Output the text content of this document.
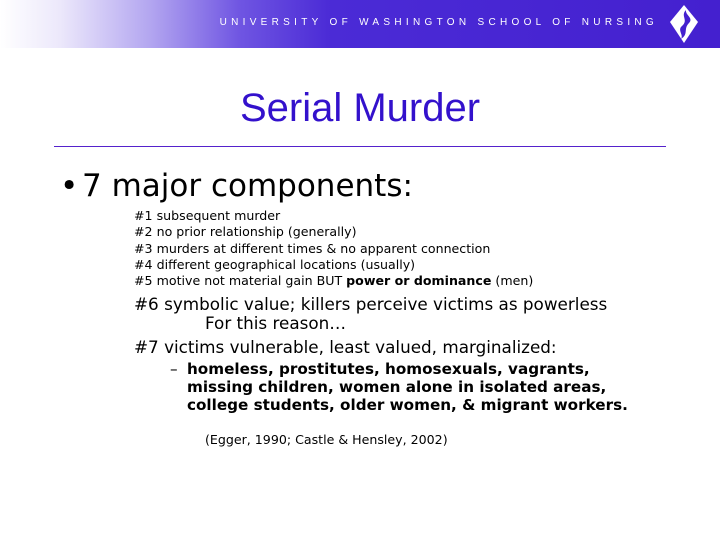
UNIVERSITY OF WASHINGTON SCHOOL OF NURSING
Serial Murder
• 7 major components:
#1 subsequent murder
#2 no prior relationship (generally)
#3 murders at different times & no apparent connection
#4 different geographical locations (usually)
#5 motive not material gain BUT power or dominance (men)
#6 symbolic value; killers perceive victims as powerless
For this reason…
#7 victims vulnerable, least valued, marginalized:
– homeless, prostitutes, homosexuals, vagrants,
missing children, women alone in isolated areas,
college students, older women, & migrant workers.
(Egger, 1990; Castle & Hensley, 2002)
